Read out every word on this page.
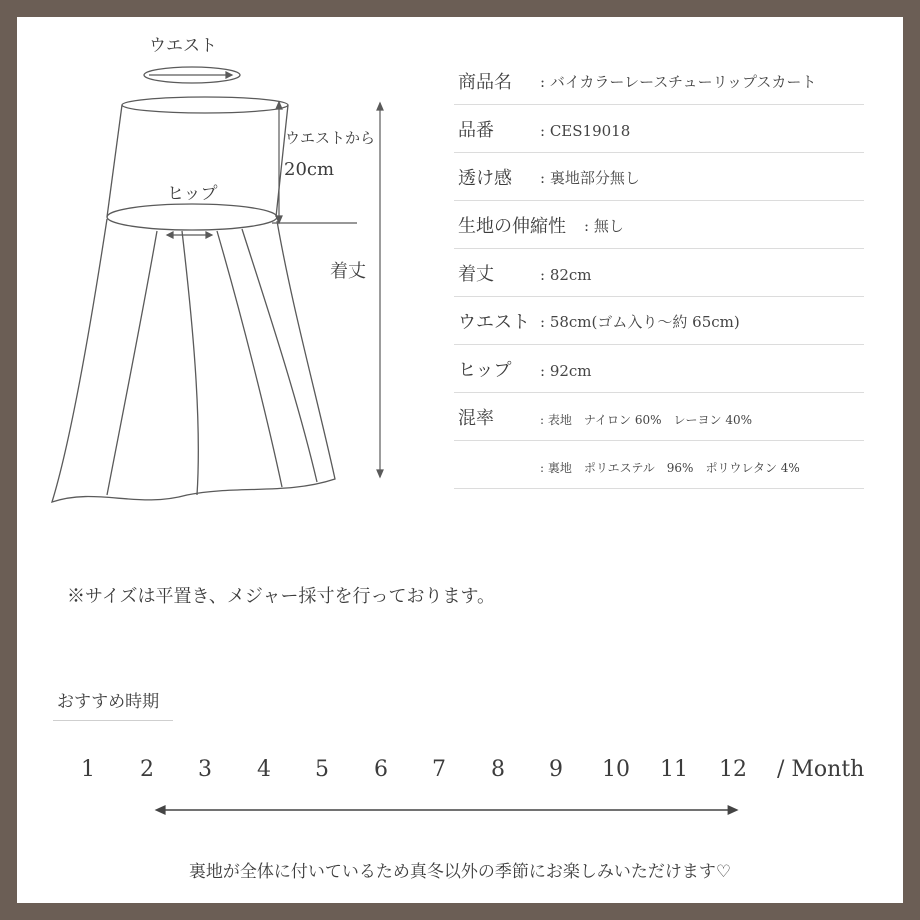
ウエスト
ウエストから
20cm
ヒップ
着丈
商品名 : バイカラーレースチューリップスカート
品番	: CES19018
透け感 : 裏地部分無し
生地の伸縮性 : 無し
着丈	: 82cm
ウエスト : 58cm(ゴム入り～約 65cm)
ヒップ : 92cm
混率	: 表地　ナイロン 60%　レーヨン 40%
: 裏地　ポリエステル　96%　ポリウレタン 4%
※サイズは平置き、メジャー採寸を行っております。
おすすめ時期
1 2 3 4 5 6 7 8 9 10 11 12 / Month
裏地が全体に付いているため真冬以外の季節にお楽しみいただけます♡
